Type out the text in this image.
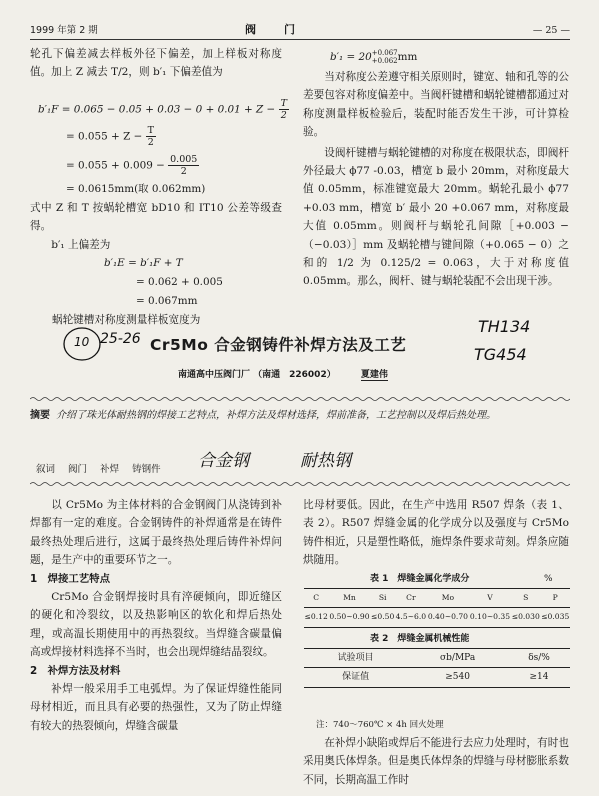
1999 年第 2 期	阀　　门	— 25 —

轮孔下偏差减去样板外径下偏差，加上样板对称度值。加上 Z 减去 T/2，则 b′₁ 下偏差值为

$b'_1F = 0.065 - 0.05 + 0.03 - 0 + 0.01 + Z - \frac{T}{2}$
= $0.055 + Z - \frac{T}{2}$
= $0.055 + 0.009 - \frac{0.005}{2}$
= 0.0615mm(取 0.062mm)

式中 Z 和 T 按蜗轮槽宽 bD10 和 IT10 公差等级查得。

b′₁ 上偏差为

b′₁E = b′₁F + T
= 0.062 + 0.005
= 0.067mm
蜗轮键槽对称度测量样板宽度为
b′₁ = 20 +0.067
+0.062 mm

当对称度公差遵守相关原则时，键宽、轴和孔等的公差要包容对称度偏差中。当阀杆键槽和蜗轮键槽都通过对称度测量样板检验后，装配时能否发生干涉，可计算检验。

设阀杆键槽与蜗轮键槽的对称度在极限状态，即阀杆外径最大 ϕ77 -0.03，槽宽 b 最小 20mm，对称度最大值 0.05mm，标准键宽最大 20mm。蜗轮孔最小 ϕ77 +0.03 mm，槽宽 b′ 最小 20 +0.067 mm，对称度最大值 0.05mm。则阀杆与蜗轮孔间隙［+0.003 −（−0.03）］mm 及蜗轮槽与键间隙（+0.065 − 0）之和的 1/2 为 0.125/2 = 0.063，大于对称度值 0.05mm。那么，阀杆、键与蜗轮装配不会出现干涉。

10 25-26
TH134
TG454
Cr5Mo 合金钢铸件补焊方法及工艺
南通高中压阀门厂 （南通　226002）	夏建伟
摘要 介绍了珠光体耐热钢的焊接工艺特点，补焊方法及焊材选择，焊前准备，工艺控制以及焊后热处理。
叙词 阀门 补焊 铸钢件	合金钢	耐热钢

以 Cr5Mo 为主体材料的合金钢阀门从浇铸到补焊都有一定的难度。合金钢铸件的补焊通常是在铸件最终热处理后进行，这属于最终热处理后铸件补焊问题，是生产中的重要环节之一。

1　焊接工艺特点

Cr5Mo 合金钢焊接时具有淬硬倾向，即近缝区的硬化和冷裂纹，以及热影响区的软化和焊后热处理，或高温长期使用中的再热裂纹。当焊缝含碳量偏高或焊接材料选择不当时，也会出现焊缝结晶裂纹。

2　补焊方法及材料

补焊一般采用手工电弧焊。为了保证焊缝性能同母材相近，而且具有必要的热强性，又为了防止焊缝有较大的热裂倾向，焊缝含碳量

比母材要低。因此，在生产中选用 R507 焊条（表 1、表 2）。R507 焊缝金属的化学成分以及强度与 Cr5Mo 铸件相近，只是塑性略低，施焊条件要求苛刻。焊条应随烘随用。

表 1　焊缝金属化学成分	%
C	Mn	Si	Cr	Mo	V	S	P
≤0.12	0.50~0.90	≤0.50	4.5~6.0	0.40~0.70	0.10~0.35	≤0.030	≤0.035
表 2　焊缝金属机械性能
试验项目	σb/MPa	δs/%
保证值	≥540	≥14
注：740～760℃ × 4h 回火处理

在补焊小缺陷或焊后不能进行去应力处理时，有时也采用奥氏体焊条。但是奥氏体焊条的焊缝与母材膨胀系数不同，长期高温工作时
